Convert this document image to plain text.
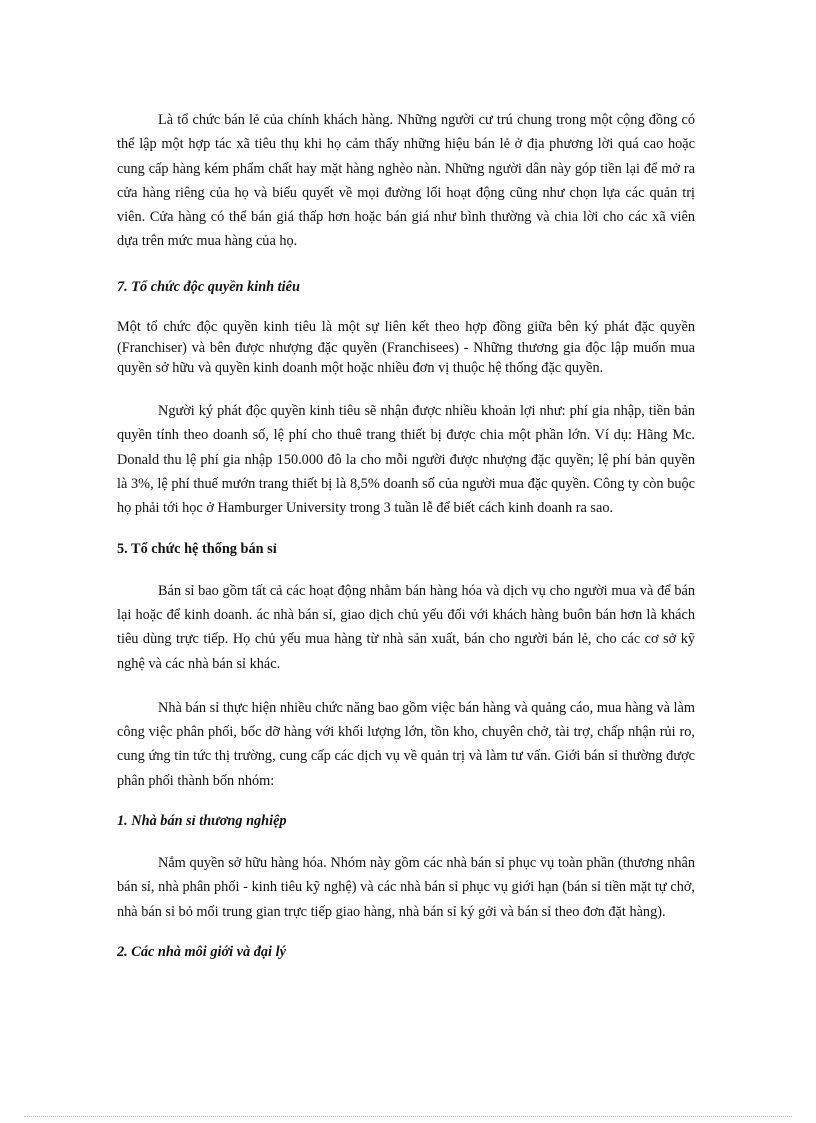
Là tổ chức bán lẻ của chính khách hàng. Những người cư trú chung trong một cộng đồng có thể lập một hợp tác xã tiêu thụ khi họ cảm thấy những hiệu bán lẻ ở địa phương lời quá cao hoặc cung cấp hàng kém phẩm chất hay mặt hàng nghèo nàn. Những người dân này góp tiền lại để mở ra cửa hàng riêng của họ và biểu quyết về mọi đường lối hoạt động cũng như chọn lựa các quản trị viên. Cửa hàng có thể bán giá thấp hơn hoặc bán giá như bình thường và chia lời cho các xã viên dựa trên mức mua hàng của họ.

7. Tổ chức độc quyền kinh tiêu

Một tổ chức độc quyền kinh tiêu là một sự liên kết theo hợp đồng giữa bên ký phát đặc quyền (Franchiser) và bên được nhượng đặc quyền (Franchisees) - Những thương gia độc lập muốn mua quyền sở hữu và quyền kinh doanh một hoặc nhiều đơn vị thuộc hệ thống đặc quyền.

Người ký phát độc quyền kinh tiêu sẽ nhận được nhiều khoản lợi như: phí gia nhập, tiền bản quyền tính theo doanh số, lệ phí cho thuê trang thiết bị được chia một phần lớn. Ví dụ: Hãng Mc. Donald thu lệ phí gia nhập 150.000 đô la cho mỗi người được nhượng đặc quyền; lệ phí bản quyền là 3%, lệ phí thuế mướn trang thiết bị là 8,5% doanh số của người mua đặc quyền. Công ty còn buộc họ phải tới học ở Hamburger University trong 3 tuần lễ để biết cách kinh doanh ra sao.

5. Tổ chức hệ thống bán sỉ

Bán sỉ bao gồm tất cả các hoạt động nhằm bán hàng hóa và dịch vụ cho người mua và để bán lại hoặc để kinh doanh. ác nhà bán sỉ, giao dịch chủ yếu đối với khách hàng buôn bán hơn là khách tiêu dùng trực tiếp. Họ chủ yếu mua hàng từ nhà sản xuất, bán cho người bán lẻ, cho các cơ sở kỹ nghệ và các nhà bán sỉ khác.

Nhà bán sỉ thực hiện nhiều chức năng bao gồm việc bán hàng và quảng cáo, mua hàng và làm công việc phân phối, bốc dỡ hàng với khối lượng lớn, tồn kho, chuyên chở, tài trợ, chấp nhận rủi ro, cung ứng tin tức thị trường, cung cấp các dịch vụ về quản trị và làm tư vấn. Giới bán sỉ thường được phân phối thành bốn nhóm:

1. Nhà bán sỉ thương nghiệp

Nắm quyền sở hữu hàng hóa. Nhóm này gồm các nhà bán sỉ phục vụ toàn phần (thương nhân bán sỉ, nhà phân phối - kinh tiêu kỹ nghệ) và các nhà bán sỉ phục vụ giới hạn (bán sỉ tiền mặt tự chở, nhà bán sỉ bỏ mối trung gian trực tiếp giao hàng, nhà bán sỉ ký gởi và bán sỉ theo đơn đặt hàng).

2. Các nhà môi giới và đại lý
